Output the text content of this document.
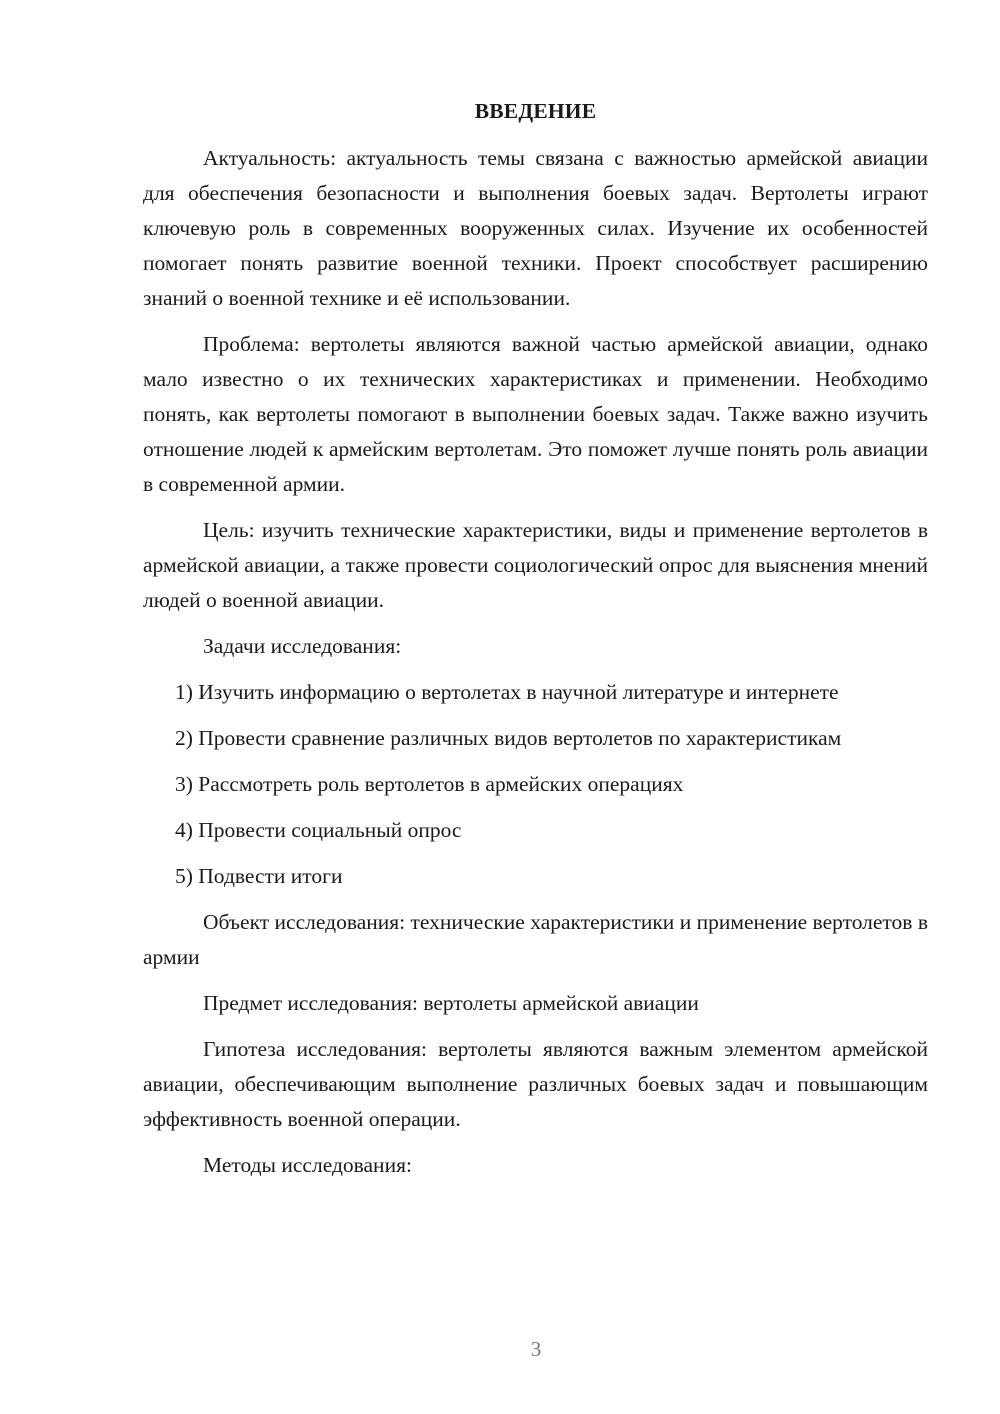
ВВЕДЕНИЕ

Актуальность: актуальность темы связана с важностью армейской авиации для обеспечения безопасности и выполнения боевых задач. Вертолеты играют ключевую роль в современных вооруженных силах. Изучение их особенностей помогает понять развитие военной техники. Проект способствует расширению знаний о военной технике и её использовании.

Проблема: вертолеты являются важной частью армейской авиации, однако мало известно о их технических характеристиках и применении. Необходимо понять, как вертолеты помогают в выполнении боевых задач. Также важно изучить отношение людей к армейским вертолетам. Это поможет лучше понять роль авиации в современной армии.

Цель: изучить технические характеристики, виды и применение вертолетов в армейской авиации, а также провести социологический опрос для выяснения мнений людей о военной авиации.

Задачи исследования:

1) Изучить информацию о вертолетах в научной литературе и интернете

2) Провести сравнение различных видов вертолетов по характеристикам

3) Рассмотреть роль вертолетов в армейских операциях

4) Провести социальный опрос

5) Подвести итоги

Объект исследования: технические характеристики и применение вертолетов в армии

Предмет исследования: вертолеты армейской авиации

Гипотеза исследования: вертолеты являются важным элементом армейской авиации, обеспечивающим выполнение различных боевых задач и повышающим эффективность военной операции.

Методы исследования:

3
